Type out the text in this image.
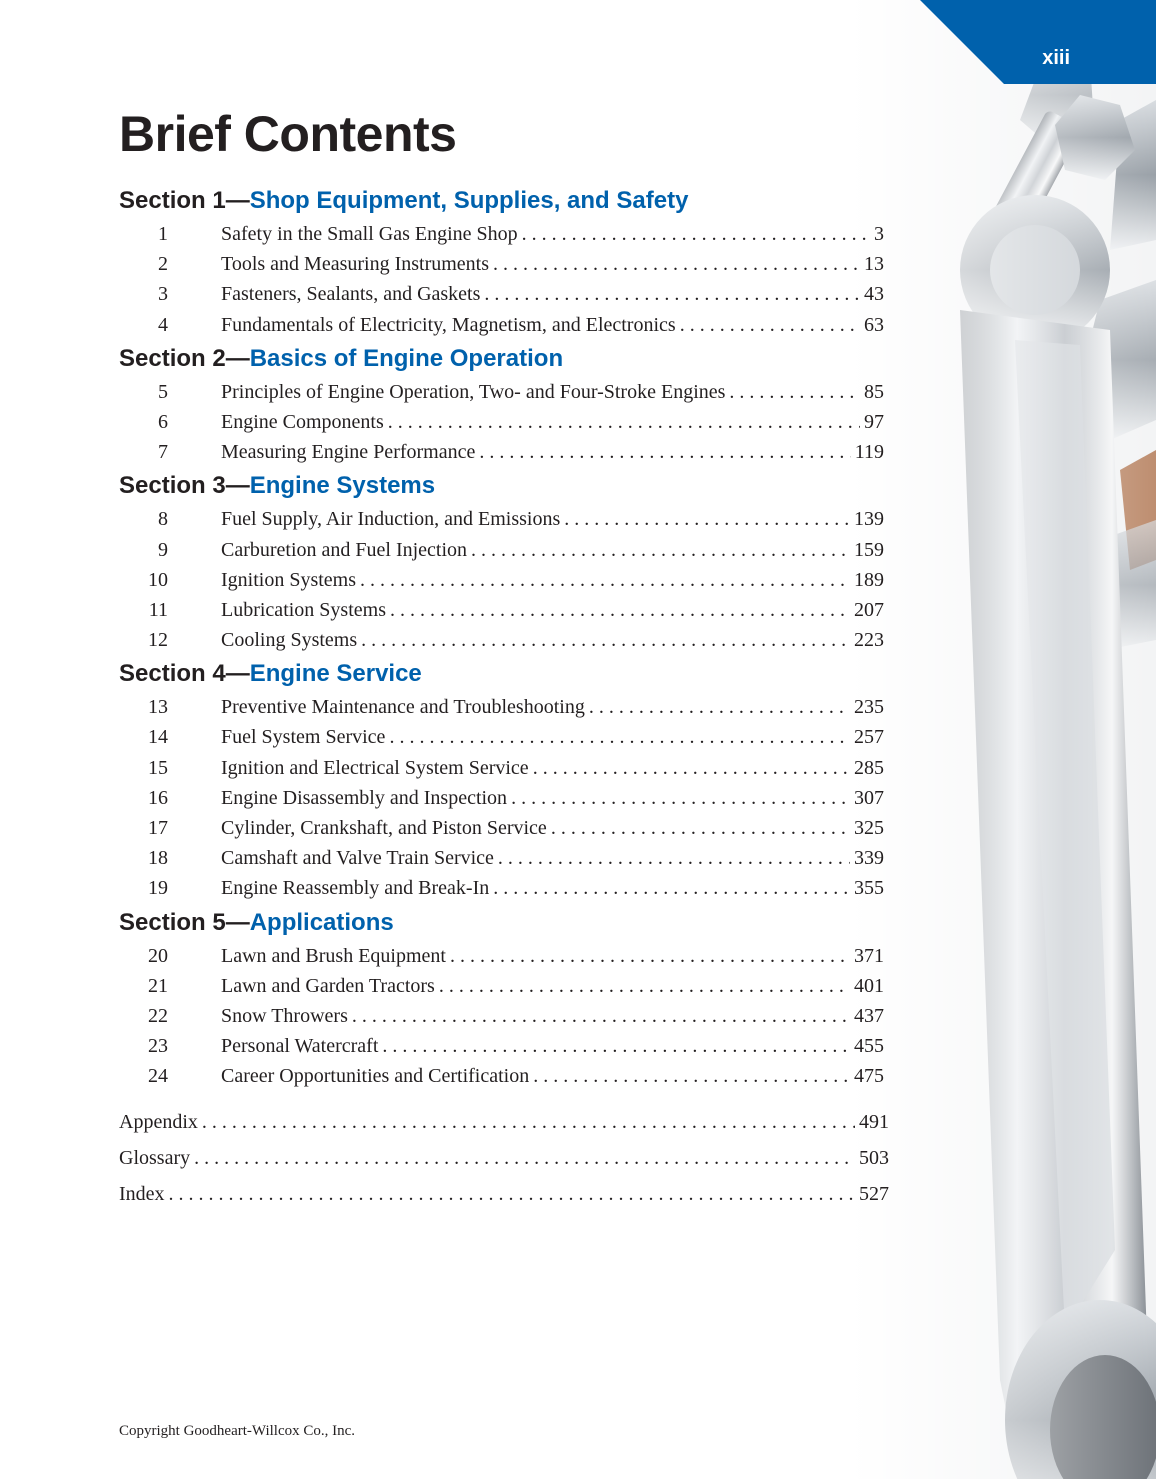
xiii
Brief Contents
Section 1—Shop Equipment, Supplies, and Safety
1	Safety in the Small Gas Engine Shop . . .	3
2	Tools and Measuring Instruments . . .	13
3	Fasteners, Sealants, and Gaskets . . .	43
4	Fundamentals of Electricity, Magnetism, and Electronics . . .	63
Section 2—Basics of Engine Operation
5	Principles of Engine Operation, Two- and Four-Stroke Engines . . .	85
6	Engine Components . . .	97
7	Measuring Engine Performance . . .	119
Section 3—Engine Systems
8	Fuel Supply, Air Induction, and Emissions . . .	139
9	Carburetion and Fuel Injection . . .	159
10	Ignition Systems . . .	189
11	Lubrication Systems . . .	207
12	Cooling Systems . . .	223
Section 4—Engine Service
13	Preventive Maintenance and Troubleshooting . . .	235
14	Fuel System Service . . .	257
15	Ignition and Electrical System Service . . .	285
16	Engine Disassembly and Inspection . . .	307
17	Cylinder, Crankshaft, and Piston Service . . .	325
18	Camshaft and Valve Train Service . . .	339
19	Engine Reassembly and Break-In . . .	355
Section 5—Applications
20	Lawn and Brush Equipment . . .	371
21	Lawn and Garden Tractors . . .	401
22	Snow Throwers . . .	437
23	Personal Watercraft . . .	455
24	Career Opportunities and Certification . . .	475
Appendix . . .	491
Glossary . . .	503
Index . . .	527
Copyright Goodheart-Willcox Co., Inc.
